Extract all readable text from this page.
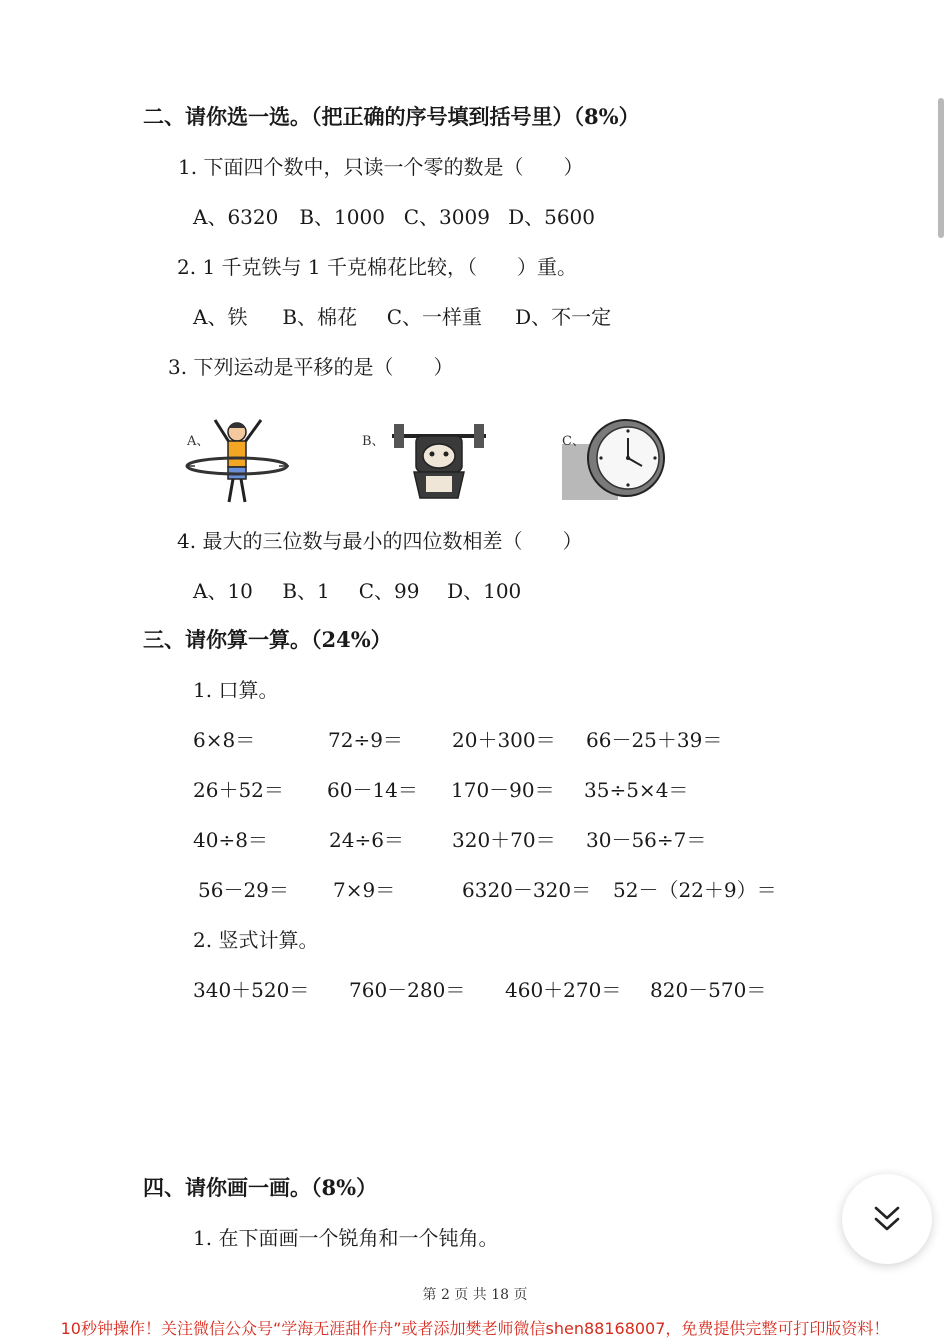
二、请你选一选。（把正确的序号填到括号里）（8%）
1. 下面四个数中，只读一个零的数是（　　）
A、6320 B、1000 C、3009 D、5600
2. 1 千克铁与 1 千克棉花比较，（　　）重。
A、铁 B、棉花 C、一样重 D、不一定
3. 下列运动是平移的是（　　）
A、	B、	C、
4. 最大的三位数与最小的四位数相差（　　）
A、10 B、1 C、99 D、100
三、请你算一算。（24%）
1. 口算。
6×8＝	72÷9＝ 20＋300＝ 66－25＋39＝
26＋52＝ 60－14＝ 170－90＝ 35÷5×4＝
40÷8＝	24÷6＝ 320＋70＝ 30－56÷7＝
56－29＝ 7×9＝	6320－320＝ 52－（22＋9）＝
2. 竖式计算。
340＋520＝ 760－280＝ 460＋270＝ 820－570＝
四、请你画一画。（8%）
1. 在下面画一个锐角和一个钝角。
第 2 页 共 18 页
10秒钟操作！关注微信公众号“学海无涯甜作舟”或者添加樊老师微信shen88168007，免费提供完整可打印版资料！
